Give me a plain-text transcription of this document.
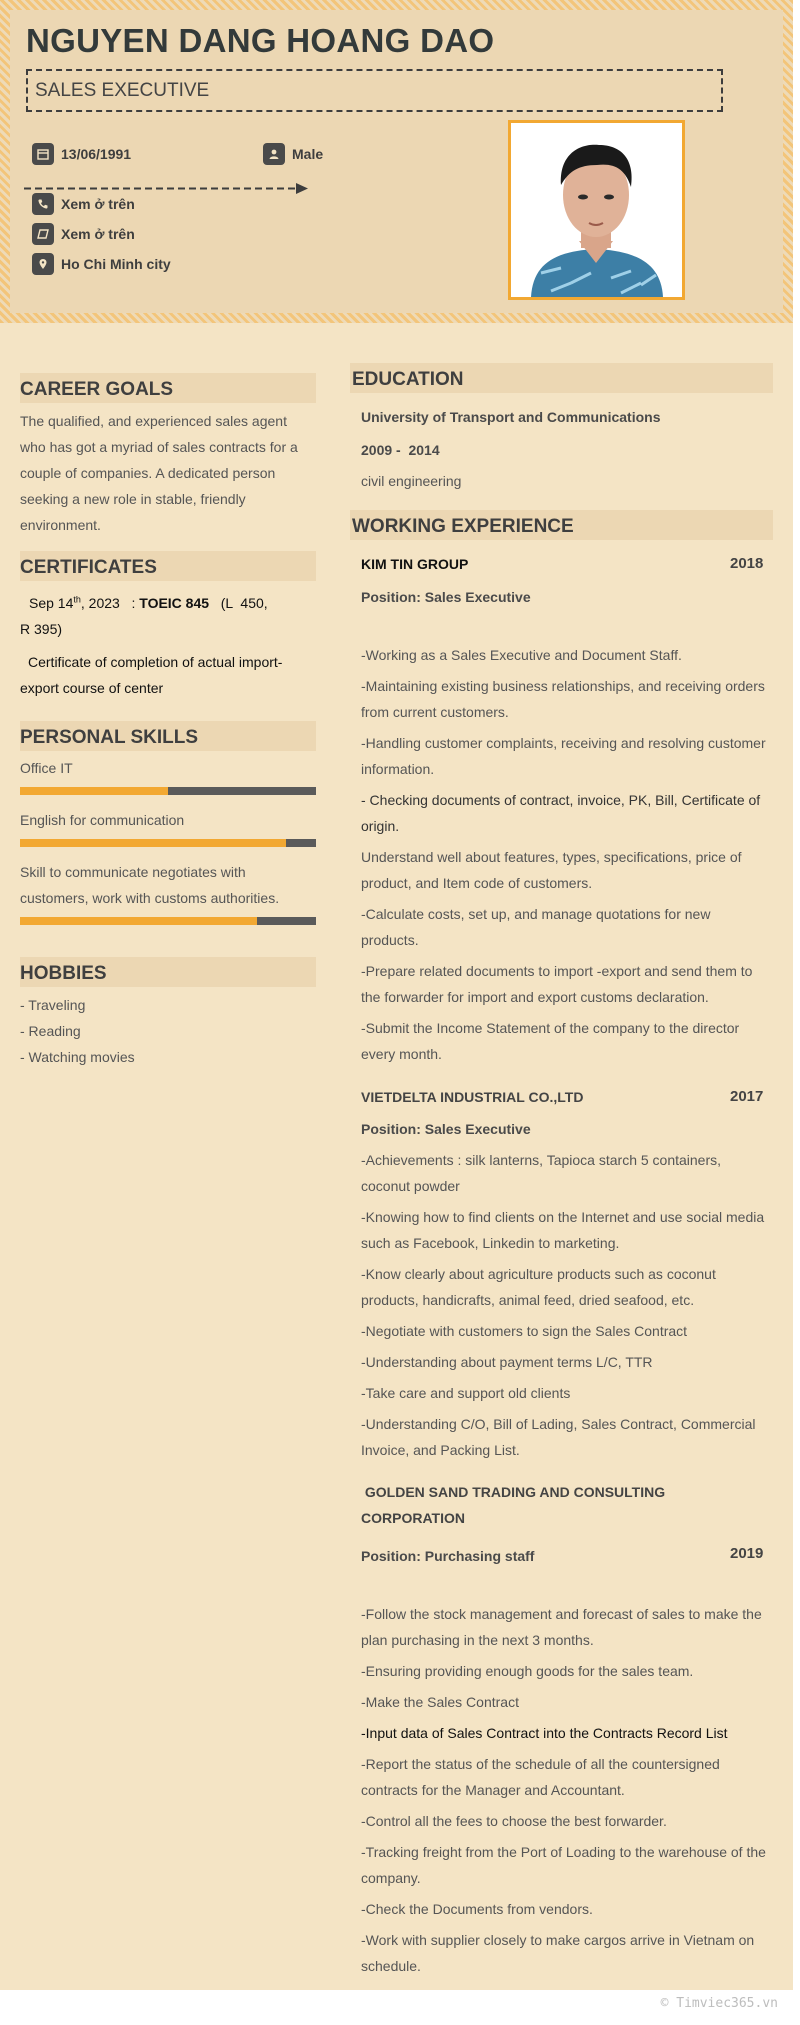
NGUYEN DANG HOANG DAO
SALES EXECUTIVE
13/06/1991	Male
Xem ở trên
Xem ở trên
Ho Chi Minh city
CAREER GOALS
The qualified, and experienced sales agent who has got a myriad of sales contracts for a couple of companies. A dedicated person seeking a new role in stable, friendly environment.
CERTIFICATES
Sep 14th, 2023   : TOEIC 845   (L  450,
R 395)
Certificate of completion of actual import-export course of center
PERSONAL SKILLS
Office IT
English for communication
Skill to communicate negotiates with customers, work with customs authorities.
HOBBIES
- Traveling
- Reading
- Watching movies
EDUCATION
University of Transport and Communications
2009 -  2014
civil engineering
WORKING EXPERIENCE
KIM TIN GROUP	2018
Position: Sales Executive
-Working as a Sales Executive and Document Staff.
-Maintaining existing business relationships, and receiving orders from current customers.
-Handling customer complaints, receiving and resolving customer information.
- Checking documents of contract, invoice, PK, Bill, Certificate of origin.
Understand well about features, types, specifications, price of product, and Item code of customers.
-Calculate costs, set up, and manage quotations for new products.
-Prepare related documents to import -export and send them to the forwarder for import and export customs declaration.
-Submit the Income Statement of the company to the director every month.
VIETDELTA INDUSTRIAL CO.,LTD	2017
Position: Sales Executive
-Achievements : silk lanterns, Tapioca starch 5 containers, coconut powder
-Knowing how to find clients on the Internet and use social media such as Facebook, Linkedin to marketing.
-Know clearly about agriculture products such as coconut products, handicrafts, animal feed, dried seafood, etc.
-Negotiate with customers to sign the Sales Contract
-Understanding about payment terms L/C, TTR
-Take care and support old clients
-Understanding C/O, Bill of Lading, Sales Contract, Commercial Invoice, and Packing List.
GOLDEN SAND TRADING AND CONSULTING CORPORATION
2019
Position: Purchasing staff
-Follow the stock management and forecast of sales to make the plan purchasing in the next 3 months.
-Ensuring providing enough goods for the sales team.
-Make the Sales Contract
-Input data of Sales Contract into the Contracts Record List
-Report the status of the schedule of all the countersigned contracts for the Manager and Accountant.
-Control all the fees to choose the best forwarder.
-Tracking freight from the Port of Loading to the warehouse of the company.
-Check the Documents from vendors.
-Work with supplier closely to make cargos arrive in Vietnam on schedule.
© Timviec365.vn
